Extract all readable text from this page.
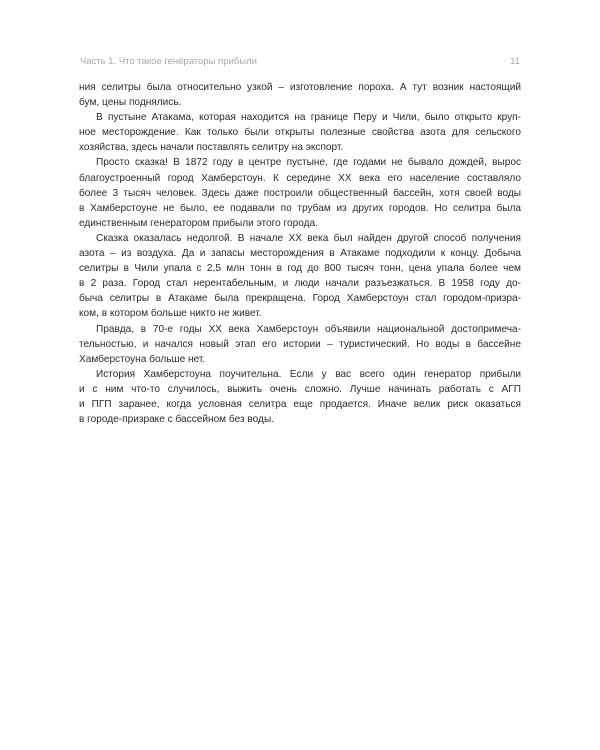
Часть 1. Что такое генераторы прибыли	11
ния селитры была относительно узкой – изготовление пороха. А тут возник настоящий
бум, цены поднялись.
В пустыне Атакама, которая находится на границе Перу и Чили, было открыто круп-
ное месторождение. Как только были открыты полезные свойства азота для сельского
хозяйства, здесь начали поставлять селитру на экспорт.
Просто сказка! В 1872 году в центре пустыне, где годами не бывало дождей, вырос
благоустроенный город Хамберстоун. К середине XX века его население составляло
более 3 тысяч человек. Здесь даже построили общественный бассейн, хотя своей воды
в Хамберстоуне не было, ее подавали по трубам из других городов. Но селитра была
единственным генератором прибыли этого города.
Сказка оказалась недолгой. В начале XX века был найден другой способ получения
азота – из воздуха. Да и запасы месторождения в Атакаме подходили к концу. Добыча
селитры в Чили упала с 2,5 млн тонн в год до 800 тысяч тонн, цена упала более чем
в 2 раза. Город стал нерентабельным, и люди начали разъезжаться. В 1958 году до-
быча селитры в Атакаме была прекращена. Город Хамберстоун стал городом-призра-
ком, в котором больше никто не живет.
Правда, в 70-е годы XX века Хамберстоун объявили национальной достопримеча-
тельностью, и начался новый этап его истории – туристический. Но воды в бассейне
Хамберстоуна больше нет.
История Хамберстоуна поучительна. Если у вас всего один генератор прибыли
и с ним что-то случилось, выжить очень сложно. Лучше начинать работать с АГП
и ПГП заранее, когда условная селитра еще продается. Иначе велик риск оказаться
в городе-призраке с бассейном без воды.
